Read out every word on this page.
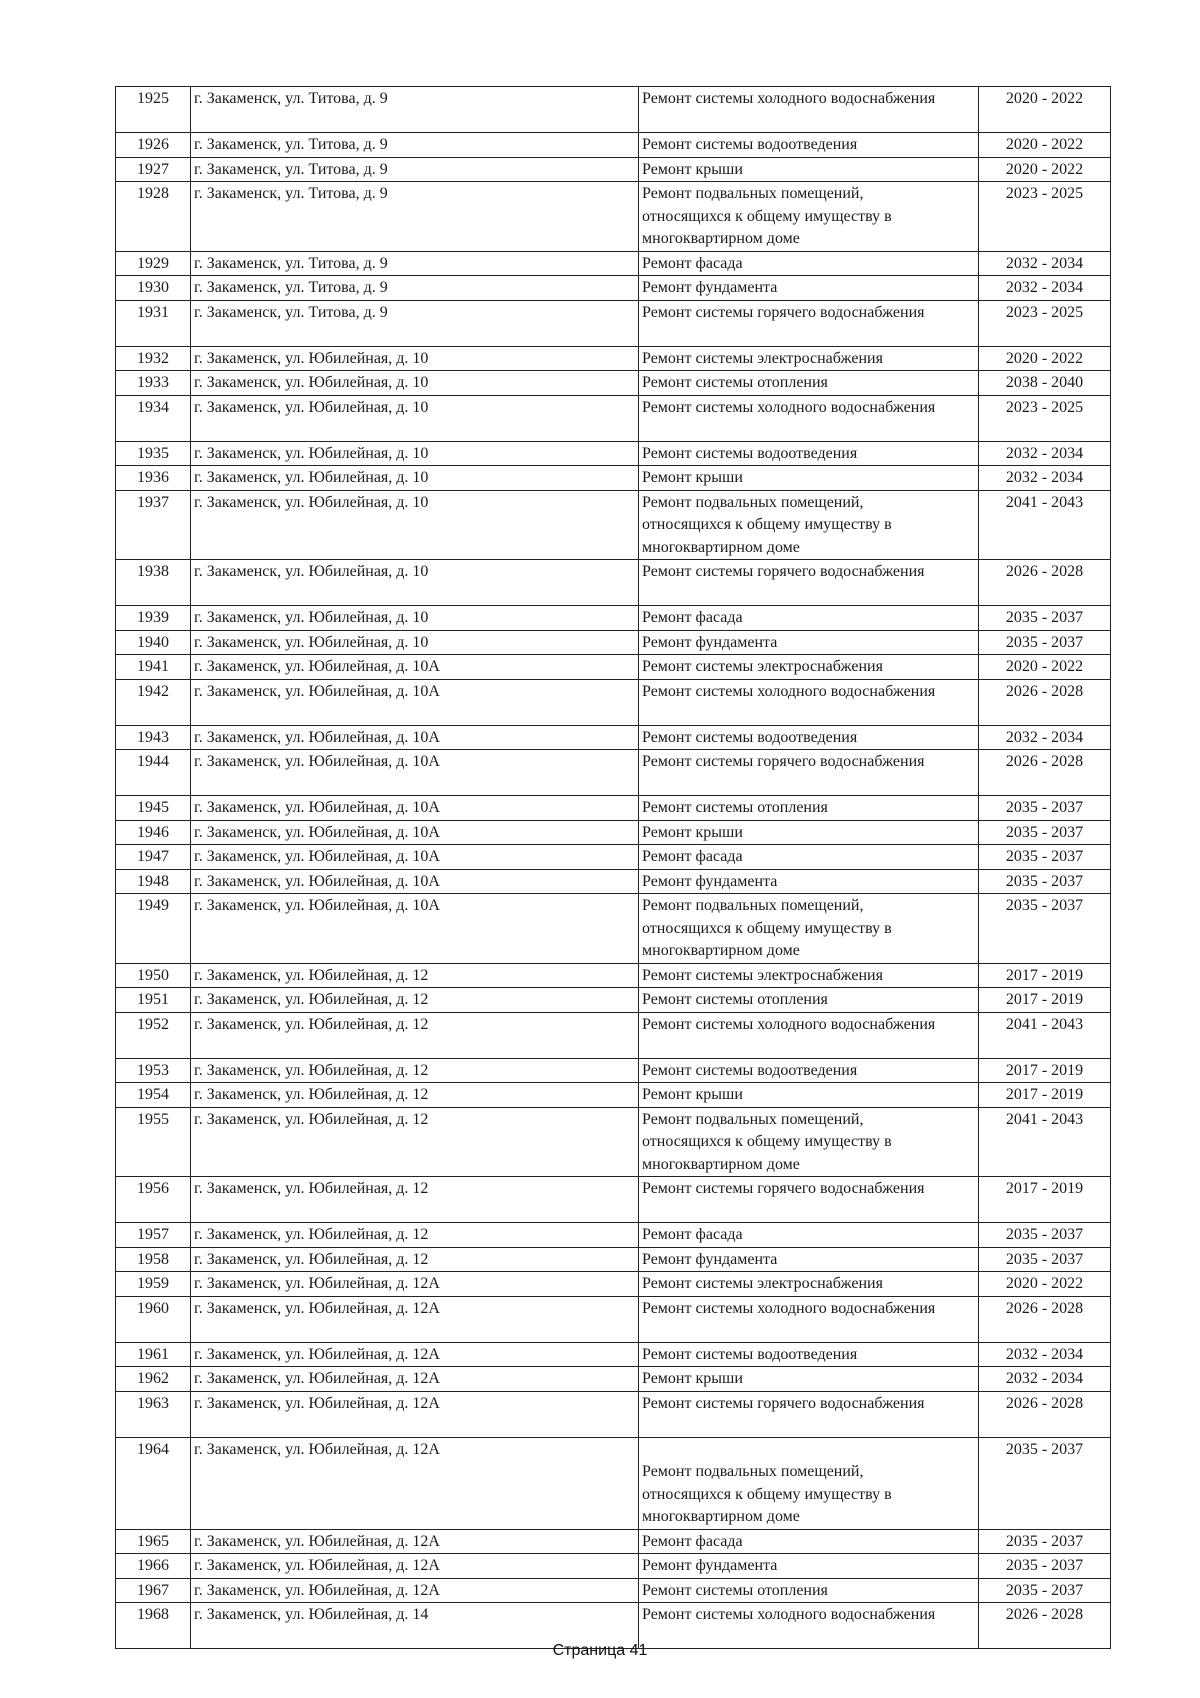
1925	г. Закаменск, ул. Титова, д. 9	Ремонт системы холодного водоснабжения	2020 - 2022
1926	г. Закаменск, ул. Титова, д. 9	Ремонт системы водоотведения	2020 - 2022
1927	г. Закаменск, ул. Титова, д. 9	Ремонт крыши	2020 - 2022
1928	г. Закаменск, ул. Титова, д. 9	Ремонт подвальных помещений,
относящихся к общему имуществу в
многоквартирном доме	2023 - 2025
1929	г. Закаменск, ул. Титова, д. 9	Ремонт фасада	2032 - 2034
1930	г. Закаменск, ул. Титова, д. 9	Ремонт фундамента	2032 - 2034
1931	г. Закаменск, ул. Титова, д. 9	Ремонт системы горячего водоснабжения	2023 - 2025
1932	г. Закаменск, ул. Юбилейная, д. 10	Ремонт системы электроснабжения	2020 - 2022
1933	г. Закаменск, ул. Юбилейная, д. 10	Ремонт системы отопления	2038 - 2040
1934	г. Закаменск, ул. Юбилейная, д. 10	Ремонт системы холодного водоснабжения	2023 - 2025
1935	г. Закаменск, ул. Юбилейная, д. 10	Ремонт системы водоотведения	2032 - 2034
1936	г. Закаменск, ул. Юбилейная, д. 10	Ремонт крыши	2032 - 2034
1937	г. Закаменск, ул. Юбилейная, д. 10	Ремонт подвальных помещений,
относящихся к общему имуществу в
многоквартирном доме	2041 - 2043
1938	г. Закаменск, ул. Юбилейная, д. 10	Ремонт системы горячего водоснабжения	2026 - 2028
1939	г. Закаменск, ул. Юбилейная, д. 10	Ремонт фасада	2035 - 2037
1940	г. Закаменск, ул. Юбилейная, д. 10	Ремонт фундамента	2035 - 2037
1941	г. Закаменск, ул. Юбилейная, д. 10А	Ремонт системы электроснабжения	2020 - 2022
1942	г. Закаменск, ул. Юбилейная, д. 10А	Ремонт системы холодного водоснабжения	2026 - 2028
1943	г. Закаменск, ул. Юбилейная, д. 10А	Ремонт системы водоотведения	2032 - 2034
1944	г. Закаменск, ул. Юбилейная, д. 10А	Ремонт системы горячего водоснабжения	2026 - 2028
1945	г. Закаменск, ул. Юбилейная, д. 10А	Ремонт системы отопления	2035 - 2037
1946	г. Закаменск, ул. Юбилейная, д. 10А	Ремонт крыши	2035 - 2037
1947	г. Закаменск, ул. Юбилейная, д. 10А	Ремонт фасада	2035 - 2037
1948	г. Закаменск, ул. Юбилейная, д. 10А	Ремонт фундамента	2035 - 2037
1949	г. Закаменск, ул. Юбилейная, д. 10А	Ремонт подвальных помещений,
относящихся к общему имуществу в
многоквартирном доме	2035 - 2037
1950	г. Закаменск, ул. Юбилейная, д. 12	Ремонт системы электроснабжения	2017 - 2019
1951	г. Закаменск, ул. Юбилейная, д. 12	Ремонт системы отопления	2017 - 2019
1952	г. Закаменск, ул. Юбилейная, д. 12	Ремонт системы холодного водоснабжения	2041 - 2043
1953	г. Закаменск, ул. Юбилейная, д. 12	Ремонт системы водоотведения	2017 - 2019
1954	г. Закаменск, ул. Юбилейная, д. 12	Ремонт крыши	2017 - 2019
1955	г. Закаменск, ул. Юбилейная, д. 12	Ремонт подвальных помещений,
относящихся к общему имуществу в
многоквартирном доме	2041 - 2043
1956	г. Закаменск, ул. Юбилейная, д. 12	Ремонт системы горячего водоснабжения	2017 - 2019
1957	г. Закаменск, ул. Юбилейная, д. 12	Ремонт фасада	2035 - 2037
1958	г. Закаменск, ул. Юбилейная, д. 12	Ремонт фундамента	2035 - 2037
1959	г. Закаменск, ул. Юбилейная, д. 12А	Ремонт системы электроснабжения	2020 - 2022
1960	г. Закаменск, ул. Юбилейная, д. 12А	Ремонт системы холодного водоснабжения	2026 - 2028
1961	г. Закаменск, ул. Юбилейная, д. 12А	Ремонт системы водоотведения	2032 - 2034
1962	г. Закаменск, ул. Юбилейная, д. 12А	Ремонт крыши	2032 - 2034
1963	г. Закаменск, ул. Юбилейная, д. 12А	Ремонт системы горячего водоснабжения	2026 - 2028
1964	г. Закаменск, ул. Юбилейная, д. 12А	
Ремонт подвальных помещений,
относящихся к общему имуществу в
многоквартирном доме	2035 - 2037
1965	г. Закаменск, ул. Юбилейная, д. 12А	Ремонт фасада	2035 - 2037
1966	г. Закаменск, ул. Юбилейная, д. 12А	Ремонт фундамента	2035 - 2037
1967	г. Закаменск, ул. Юбилейная, д. 12А	Ремонт системы отопления	2035 - 2037
1968	г. Закаменск, ул. Юбилейная, д. 14	Ремонт системы холодного водоснабжения	2026 - 2028
Страница 41
